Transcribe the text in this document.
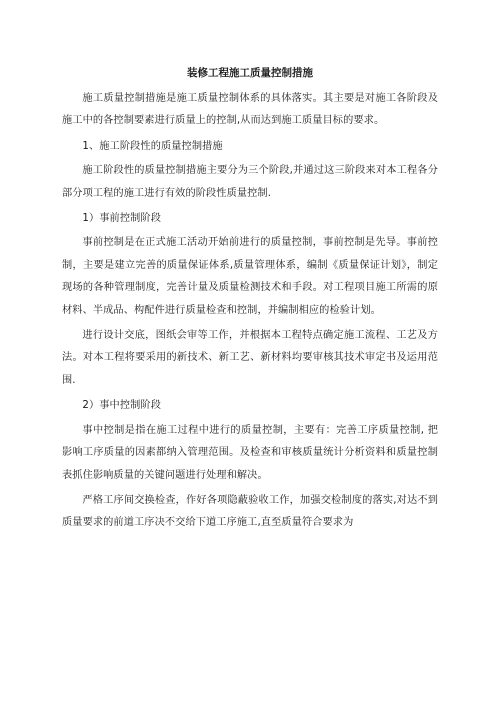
装修工程施工质量控制措施

施工质量控制措施是施工质量控制体系的具体落实。其主要是对施工各阶段及施工中的各控制要素进行质量上的控制,从而达到施工质量目标的要求。

1、施工阶段性的质量控制措施

施工阶段性的质量控制措施主要分为三个阶段,并通过这三阶段来对本工程各分部分项工程的施工进行有效的阶段性质量控制.

1）事前控制阶段

事前控制是在正式施工活动开始前进行的质量控制，事前控制是先导。事前控制，主要是建立完善的质量保证体系,质量管理体系，编制《质量保证计划》，制定现场的各种管理制度，完善计量及质量检测技术和手段。对工程项目施工所需的原材料、半成品、构配件进行质量检查和控制，并编制相应的检验计划。

进行设计交底，图纸会审等工作，并根据本工程特点确定施工流程、工艺及方法。对本工程将要采用的新技术、新工艺、新材料均要审核其技术审定书及运用范围.

2）事中控制阶段

事中控制是指在施工过程中进行的质量控制，主要有：完善工序质量控制, 把影响工序质量的因素都纳入管理范围。及检查和审核质量统计分析资料和质量控制表抓住影响质量的关键问题进行处理和解决。

严格工序间交换检查，作好各项隐蔽验收工作，加强交检制度的落实,对达不到质量要求的前道工序决不交给下道工序施工,直至质量符合要求为
